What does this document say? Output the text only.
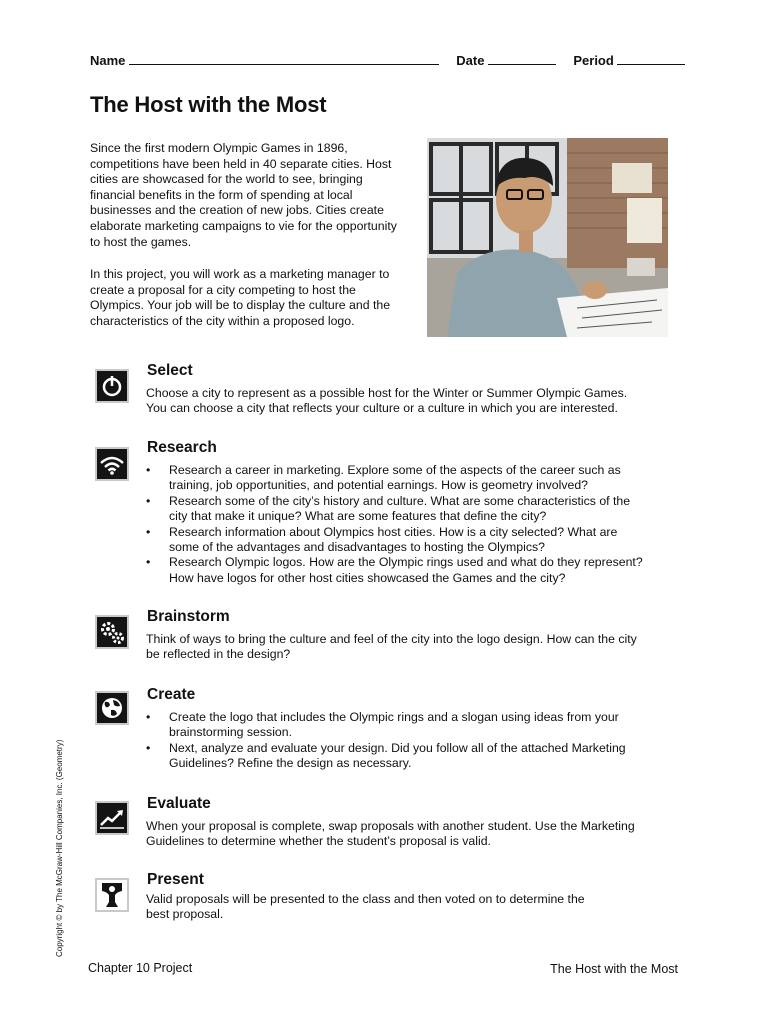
Name	Date	Period
The Host with the Most

Since the first modern Olympic Games in 1896, competitions have been held in 40 separate cities. Host cities are showcased for the world to see, bringing financial benefits in the form of spending at local businesses and the creation of new jobs. Cities create elaborate marketing campaigns to vie for the opportunity to host the games.

In this project, you will work as a marketing manager to create a proposal for a city competing to host the Olympics. Your job will be to display the culture and the characteristics of the city within a proposed logo.

Select

Choose a city to represent as a possible host for the Winter or Summer Olympic Games. You can choose a city that reflects your culture or a culture in which you are interested.

Research
• Research a career in marketing. Explore some of the aspects of the career such as training, job opportunities, and potential earnings. How is geometry involved?
• Research some of the city’s history and culture. What are some characteristics of the city that make it unique? What are some features that define the city?
• Research information about Olympics host cities. How is a city selected? What are some of the advantages and disadvantages to hosting the Olympics?
• Research Olympic logos. How are the Olympic rings used and what do they represent? How have logos for other host cities showcased the Games and the city?
Brainstorm

Think of ways to bring the culture and feel of the city into the logo design. How can the city be reflected in the design?

Create
• Create the logo that includes the Olympic rings and a slogan using ideas from your brainstorming session.
• Next, analyze and evaluate your design. Did you follow all of the attached Marketing Guidelines? Refine the design as necessary.
Evaluate

When your proposal is complete, swap proposals with another student. Use the Marketing Guidelines to determine whether the student’s proposal is valid.

Present

Valid proposals will be presented to the class and then voted on to determine the best proposal.

Copyright © by The McGraw-Hill Companies, Inc. (Geometry)
Chapter 10 Project	The Host with the Most
